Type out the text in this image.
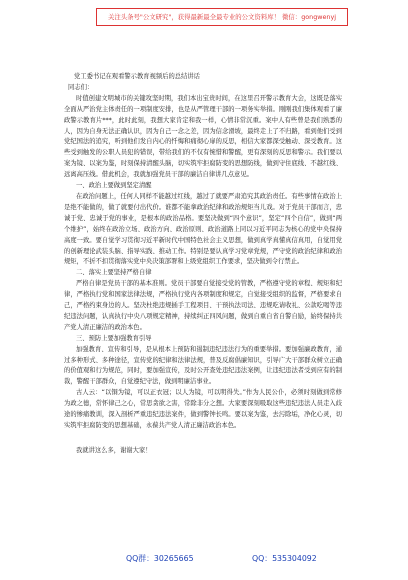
关注头条号"公文研究"，获得最新最全最专业的公文资料库！ 微信：gongwenyj

党工委书记在观看警示教育视频后的总结讲话

同志们：

时值创建文明城市的关键攻坚时期，我们本出宝贵时间，在这里召开警示教育大会，这既是落实全面从严治党主体责任的一项制度安排，也是从严管理干部的一项务实举措。刚刚我们集体观看了廉政警示教育片***，此时此刻，我想大家肯定和我一样，心情非常沉重。案中人有些曾是我们熟悉的人，因为自身无法正确认识，因为自己一念之差，因为信念滑坡，最终走上了不归路，看到他们受到党纪国法的追究，听到他们发自内心的忏悔和痛彻心扉的反思，相信大家都深受触动、深受教育。这些受到触发的公职人员犯的错误，带给我们的不仅有惋惜和警醒，更有深刻的反思和警示。我们要以案为镜、以案为鉴，时刻保持清醒头脑，切实筑牢拒腐防变的思想防线，做到守住底线、不越红线、远离高压线。借此机会，我就加强党员干部的廉洁自律讲几点意见。

一、政治上要做到坚定清醒

在政治问题上，任何人同样不能越过红线，越过了就要严肃追究其政治责任。有些事情在政治上是绝不能做的，做了就要付出代价。谁都不能拿政治纪律和政治规矩当儿戏。对于党员干部而言，忠诚于党、忠诚于党的事业，是根本的政治品格。要坚决做到“四个意识”，坚定“四个自信”，做到“两个维护”，始终在政治立场、政治方向、政治原则、政治道路上同以习近平同志为核心的党中央保持高度一致。要自觉学习贯彻习近平新时代中国特色社会主义思想，做到真学真懂真信真用，自觉用党的创新理论武装头脑、指导实践、推动工作。特别是要认真学习党章党规，严守党的政治纪律和政治规矩，不折不扣贯彻落实党中央决策部署和上级党组织工作要求，坚决做到令行禁止。

二、落实上要坚持严格自律

严格自律是党员干部的基本准则。党员干部要自觉接受党的管教，严格遵守党的章程、规矩和纪律，严格执行党和国家法律法规，严格执行党内各项制度和规定，自觉接受组织的监督，严格要求自己，严格约束身边的人。坚决杜绝违规插手工程项目、干预执法司法、违规吃请收礼、公款吃喝等违纪违法问题，认真执行中央八项规定精神，持续纠正四风问题，做到自重自省自警自励，始终保持共产党人清正廉洁的政治本色。

三、预防上要加强教育引导

加强教育、宣传和引导，是从根本上预防和遏制违纪违法行为的重要举措。要加强廉政教育，通过多种形式、多种途径，宣传党的纪律和法律法规，普及反腐倡廉知识，引导广大干部群众树立正确的价值观和行为规范，同时，要加强宣传，及时公开查处违纪违法案例，让违纪违法者受到应有的制裁，警醒干部群众，自觉遵纪守法，做到明廉洁事业。

古人云：“以铜为镜，可以正衣冠；以人为镜，可以明得失。”作为人民公仆，必须时刻做到常修为政之德，常怀律己之心，常思贪欲之害，常除非分之想。大家要深刻吸取这些违纪违法人员走入歧途的惨痛教训，深入剖析严重违纪违法案件，做到警钟长鸣。要以案为鉴，去污除垢，净化心灵，切实筑牢拒腐防变的思想基础，永葆共产党人清正廉洁政治本色。

我就讲这么多，谢谢大家！

QQ群：30265665	QQ：535304092
